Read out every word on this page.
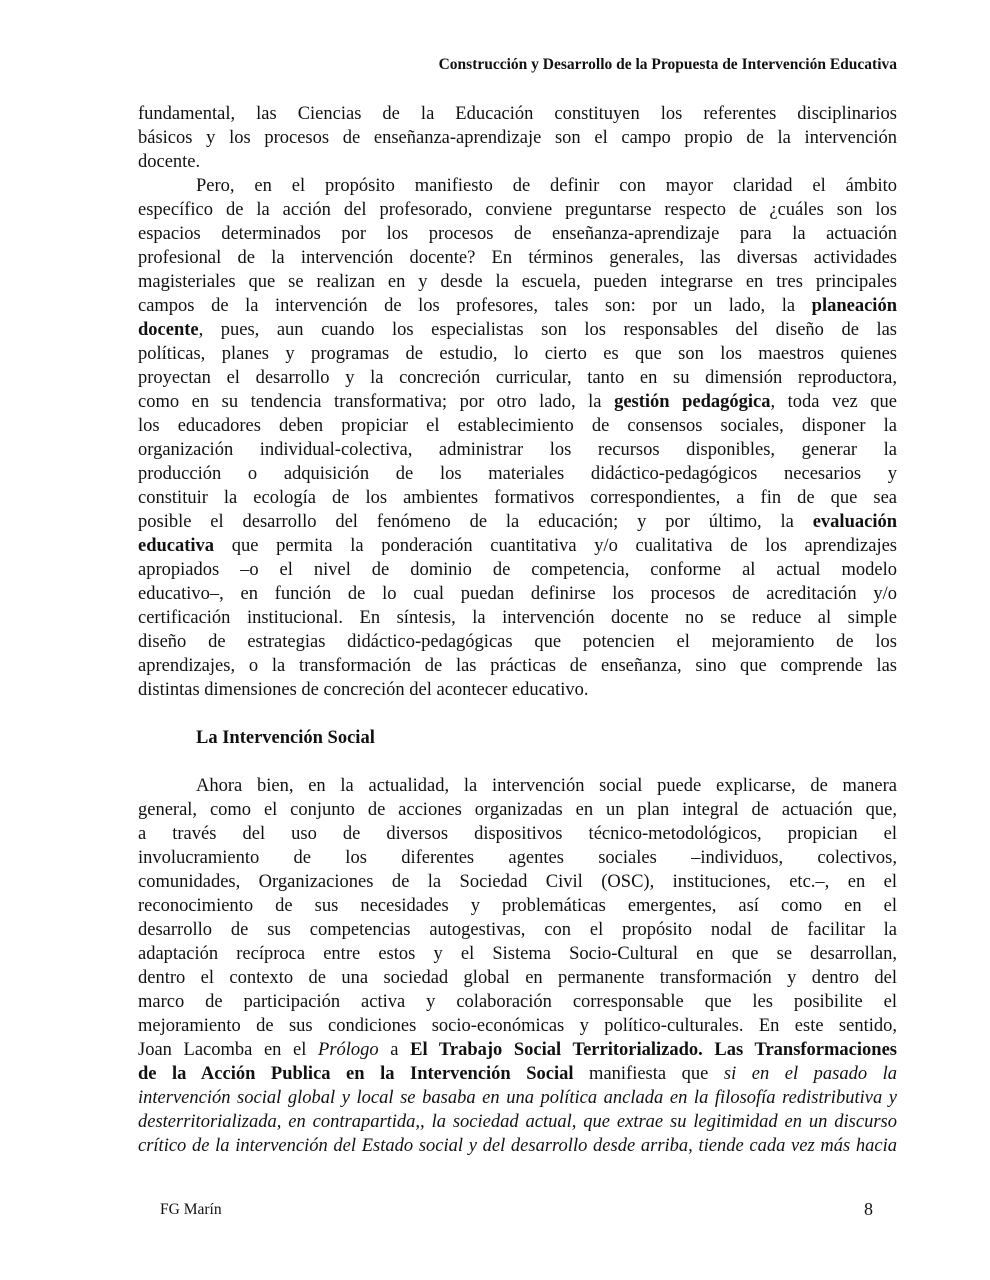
Construcción y Desarrollo de la Propuesta de Intervención Educativa
fundamental, las Ciencias de la Educación constituyen los referentes disciplinarios
básicos y los procesos de enseñanza-aprendizaje son el campo propio de la intervención
docente.
Pero, en el propósito manifiesto de definir con mayor claridad el ámbito
específico de la acción del profesorado, conviene preguntarse respecto de ¿cuáles son los
espacios determinados por los procesos de enseñanza-aprendizaje para la actuación
profesional de la intervención docente? En términos generales, las diversas actividades
magisteriales que se realizan en y desde la escuela, pueden integrarse en tres principales
campos de la intervención de los profesores, tales son: por un lado, la planeación
docente, pues, aun cuando los especialistas son los responsables del diseño de las
políticas, planes y programas de estudio, lo cierto es que son los maestros quienes
proyectan el desarrollo y la concreción curricular, tanto en su dimensión reproductora,
como en su tendencia transformativa; por otro lado, la gestión pedagógica, toda vez que
los educadores deben propiciar el establecimiento de consensos sociales, disponer la
organización individual-colectiva, administrar los recursos disponibles, generar la
producción o adquisición de los materiales didáctico-pedagógicos necesarios y
constituir la ecología de los ambientes formativos correspondientes, a fin de que sea
posible el desarrollo del fenómeno de la educación; y por último, la evaluación
educativa que permita la ponderación cuantitativa y/o cualitativa de los aprendizajes
apropiados –o el nivel de dominio de competencia, conforme al actual modelo
educativo–, en función de lo cual puedan definirse los procesos de acreditación y/o
certificación institucional. En síntesis, la intervención docente no se reduce al simple
diseño de estrategias didáctico-pedagógicas que potencien el mejoramiento de los
aprendizajes, o la transformación de las prácticas de enseñanza, sino que comprende las
distintas dimensiones de concreción del acontecer educativo.
La Intervención Social
Ahora bien, en la actualidad, la intervención social puede explicarse, de manera
general, como el conjunto de acciones organizadas en un plan integral de actuación que,
a través del uso de diversos dispositivos técnico-metodológicos, propician el
involucramiento de los diferentes agentes sociales –individuos, colectivos,
comunidades, Organizaciones de la Sociedad Civil (OSC), instituciones, etc.–, en el
reconocimiento de sus necesidades y problemáticas emergentes, así como en el
desarrollo de sus competencias autogestivas, con el propósito nodal de facilitar la
adaptación recíproca entre estos y el Sistema Socio-Cultural en que se desarrollan,
dentro el contexto de una sociedad global en permanente transformación y dentro del
marco de participación activa y colaboración corresponsable que les posibilite el
mejoramiento de sus condiciones socio-económicas y político-culturales. En este sentido,
Joan Lacomba en el Prólogo a El Trabajo Social Territorializado. Las Transformaciones
de la Acción Publica en la Intervención Social manifiesta que si en el pasado la
intervención social global y local se basaba en una política anclada en la filosofía redistributiva y
desterritorializada, en contrapartida,, la sociedad actual, que extrae su legitimidad en un discurso
crítico de la intervención del Estado social y del desarrollo desde arriba, tiende cada vez más hacia
FG Marín	8
